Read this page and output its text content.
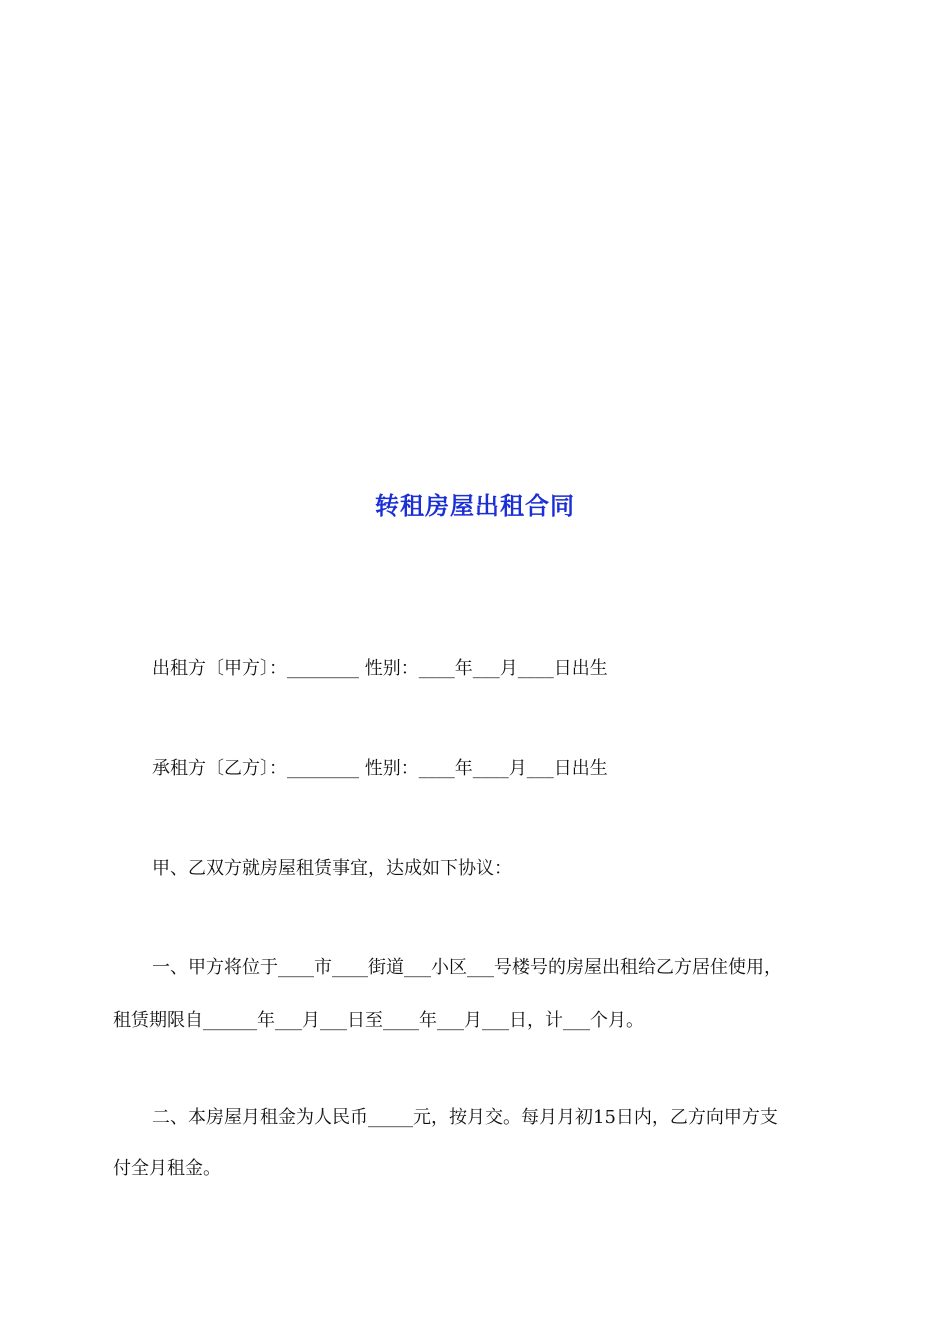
转租房屋出租合同
出租方〔甲方〕：________ 性别：____年___月____日出生
承租方〔乙方〕：________ 性别：____年____月___日出生
甲、乙双方就房屋租赁事宜，达成如下协议：
一、甲方将位于____市____街道___小区___号楼号的房屋出租给乙方居住使用，
租赁期限自______年___月___日至____年___月___日，计___个月。
二、本房屋月租金为人民币_____元，按月交。每月月初15日内，乙方向甲方支
付全月租金。
